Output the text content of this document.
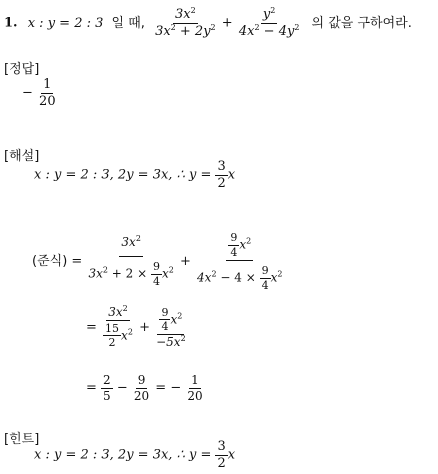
1. x : y = 2 : 3 일 때, $\frac{3x^2}{3x^2 + 2y^2} + \frac{y^2}{4x^2 - 4y^2}$ 의 값을 구하여라.
[정답]
− $\frac{1}{20}$
[해설]
x : y = 2 : 3, 2y = 3x, ∴ $y = \frac{3}{2}$ x
(준식) = $\frac{3x^2}{3x^2 + 2 \times \frac{9}{4} x^2} + \frac{\frac{9}{4} x^2}{4x^2 - 4 \times \frac{9}{4} x^2}$
= $\frac{3x^2}{\frac{15}{2} x^2} + \frac{\frac{9}{4} x^2}{-5x^2}$
= $\frac{2}{5} - \frac{9}{20}$ = − $\frac{1}{20}$
[힌트]
x : y = 2 : 3, 2y = 3x, ∴ $y = \frac{3}{2}$ x
